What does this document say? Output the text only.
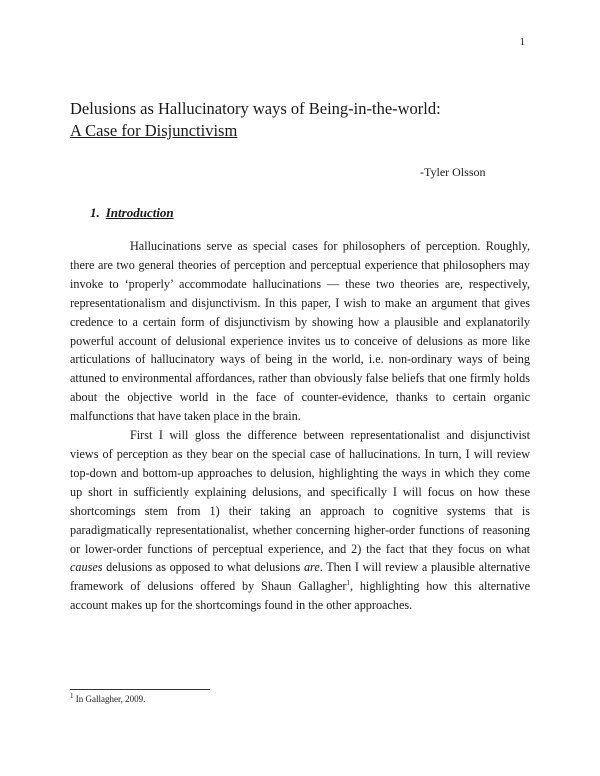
1
Delusions as Hallucinatory ways of Being-in-the-world:
A Case for Disjunctivism
-Tyler Olsson
1. Introduction

Hallucinations serve as special cases for philosophers of perception. Roughly, there are two general theories of perception and perceptual experience that philosophers may invoke to ‘properly’ accommodate hallucinations — these two theories are, respectively, representationalism and disjunctivism. In this paper, I wish to make an argument that gives credence to a certain form of disjunctivism by showing how a plausible and explanatorily powerful account of delusional experience invites us to conceive of delusions as more like articulations of hallucinatory ways of being in the world, i.e. non-ordinary ways of being attuned to environmental affordances, rather than obviously false beliefs that one firmly holds about the objective world in the face of counter-evidence, thanks to certain organic malfunctions that have taken place in the brain.

First I will gloss the difference between representationalist and disjunctivist views of perception as they bear on the special case of hallucinations. In turn, I will review top-down and bottom-up approaches to delusion, highlighting the ways in which they come up short in sufficiently explaining delusions, and specifically I will focus on how these shortcomings stem from 1) their taking an approach to cognitive systems that is paradigmatically representationalist, whether concerning higher-order functions of reasoning or lower-order functions of perceptual experience, and 2) the fact that they focus on what causes delusions as opposed to what delusions are. Then I will review a plausible alternative framework of delusions offered by Shaun Gallagher$^1$, highlighting how this alternative account makes up for the shortcomings found in the other approaches.

$^1$ In Gallagher, 2009.
